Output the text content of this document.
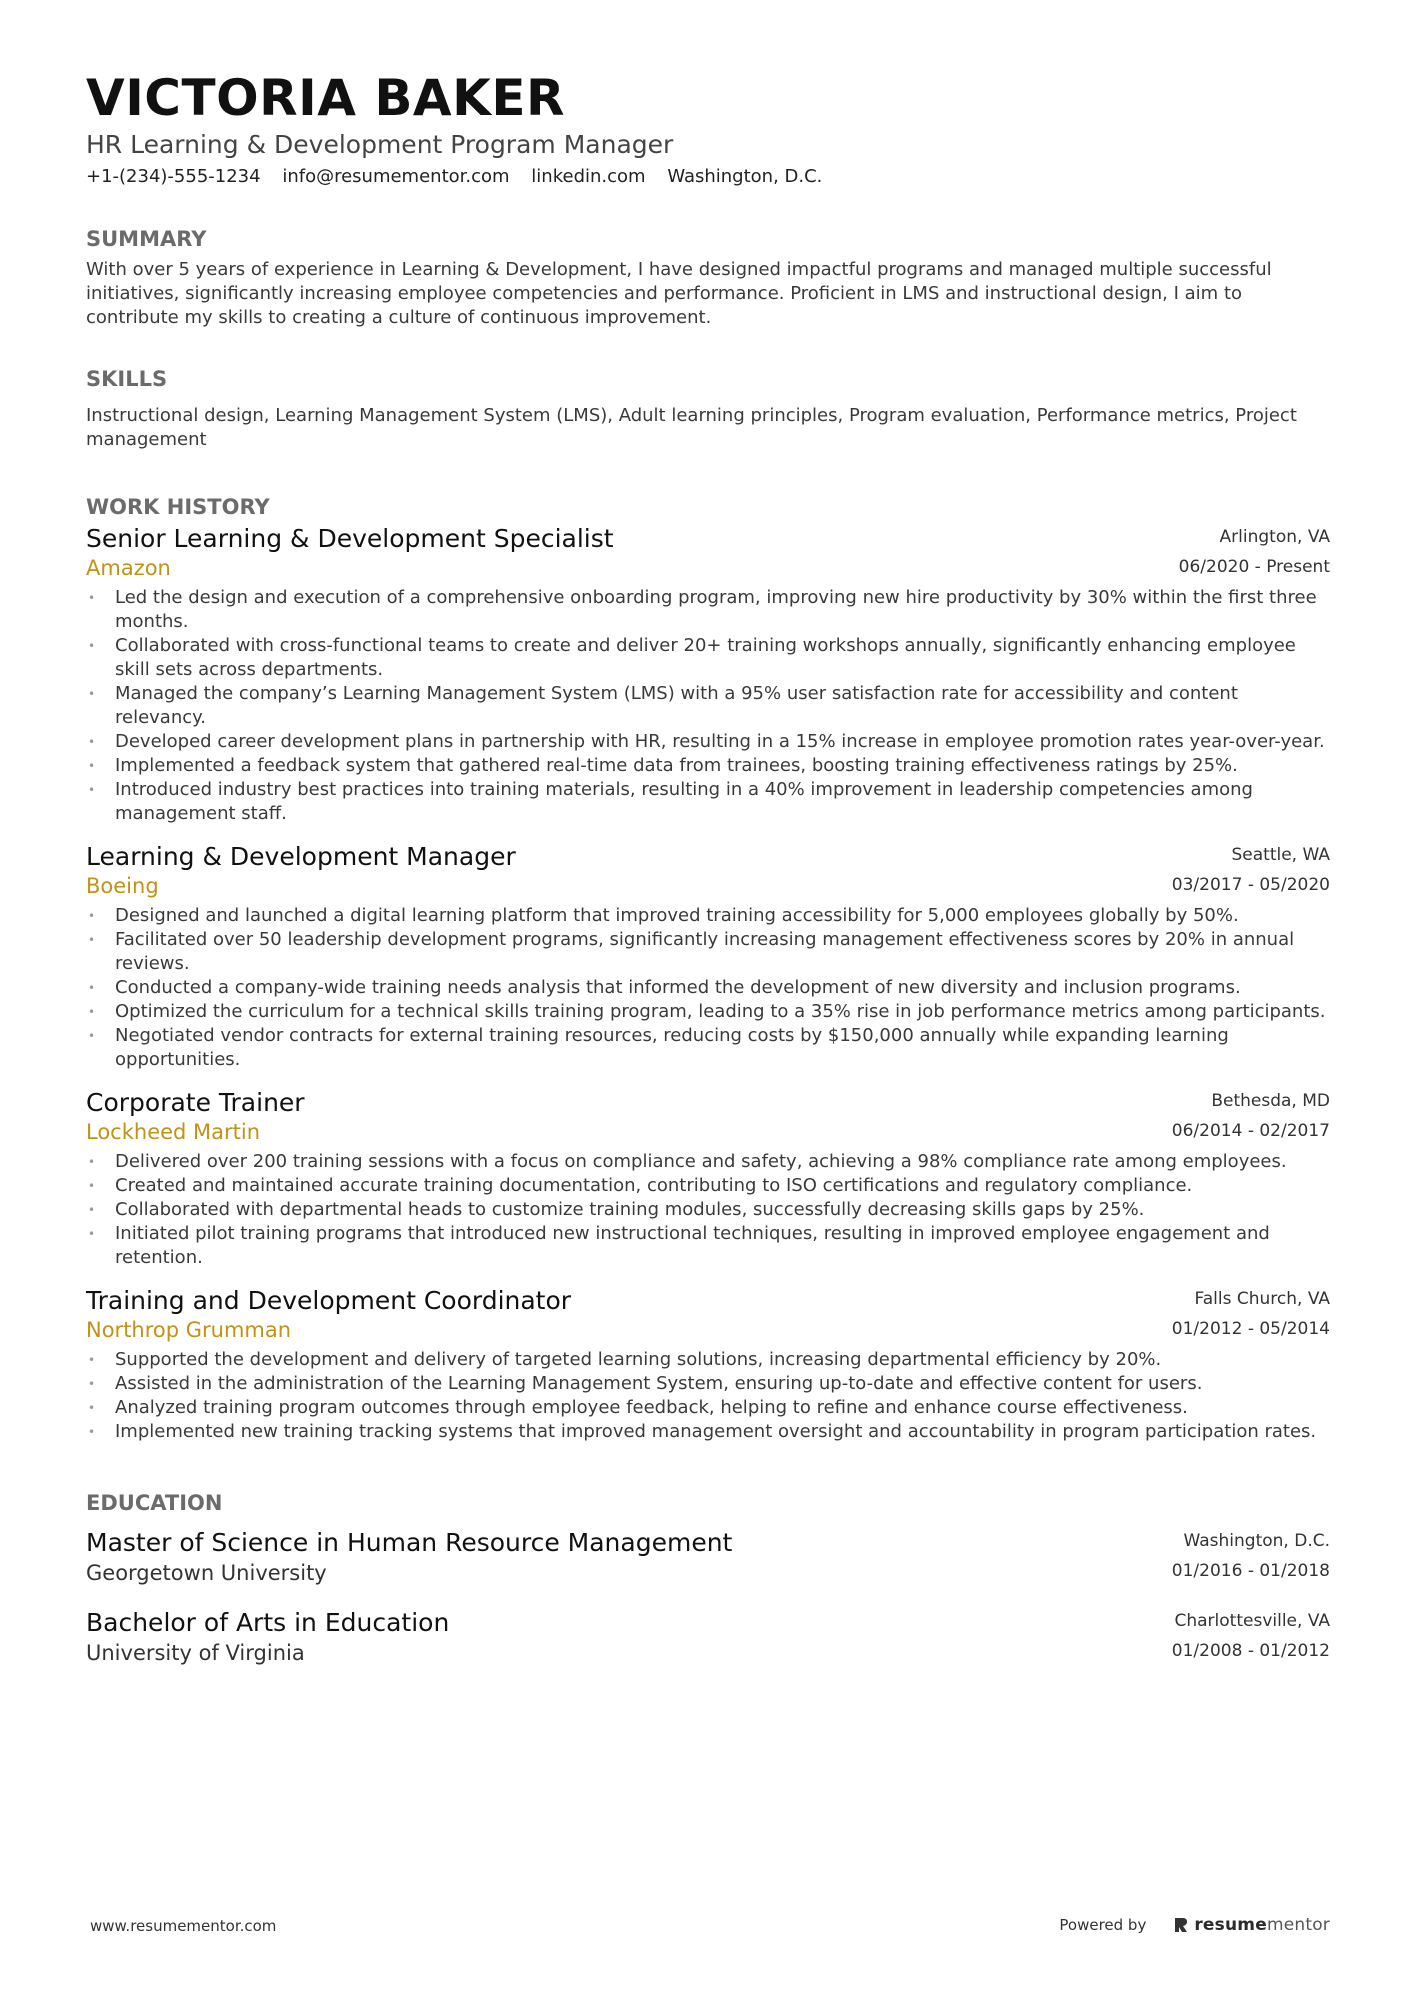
VICTORIA BAKER

HR Learning & Development Program Manager

+1-(234)-555-1234 info@resumementor.com linkedin.com Washington, D.C.
SUMMARY

With over 5 years of experience in Learning & Development, I have designed impactful programs and managed multiple successful initiatives, significantly increasing employee competencies and performance. Proficient in LMS and instructional design, I aim to contribute my skills to creating a culture of continuous improvement.

SKILLS

Instructional design, Learning Management System (LMS), Adult learning principles, Program evaluation, Performance metrics, Project management

WORK HISTORY
Senior Learning & Development Specialist
Amazon
Arlington, VA
06/2020 - Present
• Led the design and execution of a comprehensive onboarding program, improving new hire productivity by 30% within the first three months.
• Collaborated with cross-functional teams to create and deliver 20+ training workshops annually, significantly enhancing employee skill sets across departments.
• Managed the company’s Learning Management System (LMS) with a 95% user satisfaction rate for accessibility and content relevancy.
• Developed career development plans in partnership with HR, resulting in a 15% increase in employee promotion rates year-over-year.
• Implemented a feedback system that gathered real-time data from trainees, boosting training effectiveness ratings by 25%.
• Introduced industry best practices into training materials, resulting in a 40% improvement in leadership competencies among management staff.
Learning & Development Manager
Boeing
Seattle, WA
03/2017 - 05/2020
• Designed and launched a digital learning platform that improved training accessibility for 5,000 employees globally by 50%.
• Facilitated over 50 leadership development programs, significantly increasing management effectiveness scores by 20% in annual reviews.
• Conducted a company-wide training needs analysis that informed the development of new diversity and inclusion programs.
• Optimized the curriculum for a technical skills training program, leading to a 35% rise in job performance metrics among participants.
• Negotiated vendor contracts for external training resources, reducing costs by $150,000 annually while expanding learning opportunities.
Corporate Trainer
Lockheed Martin
Bethesda, MD
06/2014 - 02/2017
• Delivered over 200 training sessions with a focus on compliance and safety, achieving a 98% compliance rate among employees.
• Created and maintained accurate training documentation, contributing to ISO certifications and regulatory compliance.
• Collaborated with departmental heads to customize training modules, successfully decreasing skills gaps by 25%.
• Initiated pilot training programs that introduced new instructional techniques, resulting in improved employee engagement and retention.
Training and Development Coordinator
Northrop Grumman
Falls Church, VA
01/2012 - 05/2014
• Supported the development and delivery of targeted learning solutions, increasing departmental efficiency by 20%.
• Assisted in the administration of the Learning Management System, ensuring up-to-date and effective content for users.
• Analyzed training program outcomes through employee feedback, helping to refine and enhance course effectiveness.
• Implemented new training tracking systems that improved management oversight and accountability in program participation rates.
EDUCATION
Master of Science in Human Resource Management
Georgetown University
Washington, D.C.
01/2016 - 01/2018
Bachelor of Arts in Education
University of Virginia
Charlottesville, VA
01/2008 - 01/2012
www.resumementor.com	Powered by	resumementor
